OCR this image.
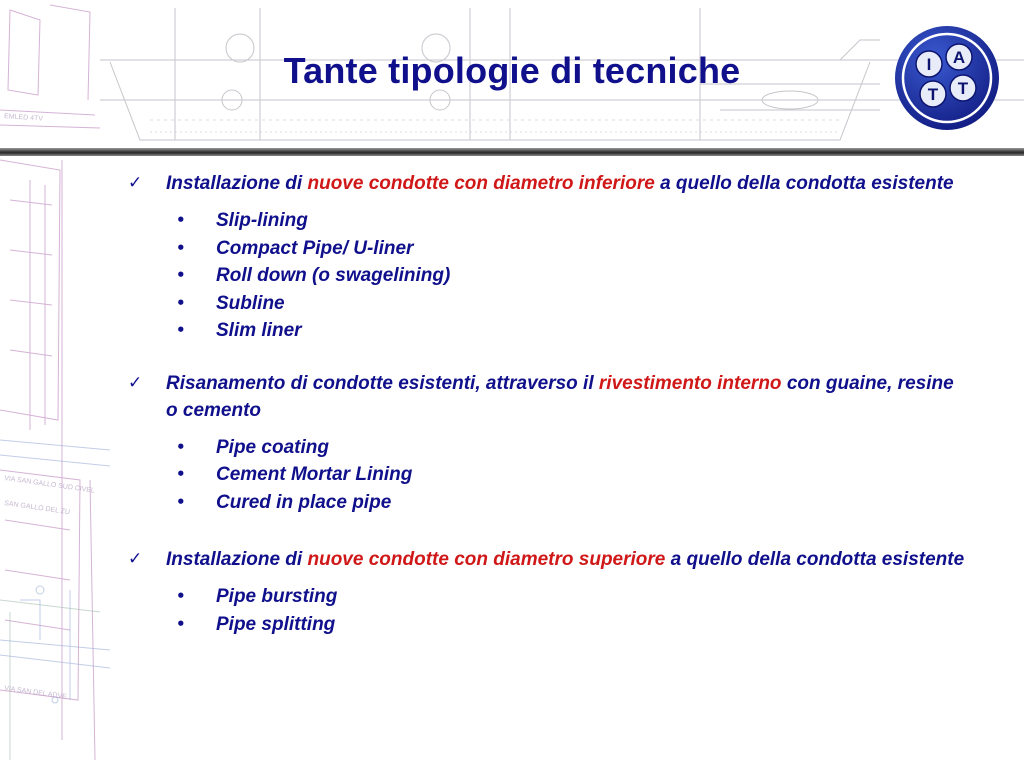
EMLED 4TV
VIA SAN GALLO SUD CIVEL
SAN GALLO DEL ZU
VIA SAN DEL ADVE
Tante tipologie di tecniche	I A
T T
✓ Installazione di nuove condotte con diametro inferiore a quello della condotta esistente
• Slip-lining
• Compact Pipe/ U-liner
• Roll down (o swagelining)
• Subline
• Slim liner
✓ Risanamento di condotte esistenti, attraverso il rivestimento interno con guaine, resine o cemento
• Pipe coating
• Cement Mortar Lining
• Cured in place pipe
✓ Installazione di nuove condotte con diametro superiore a quello della condotta esistente
• Pipe bursting
• Pipe splitting
